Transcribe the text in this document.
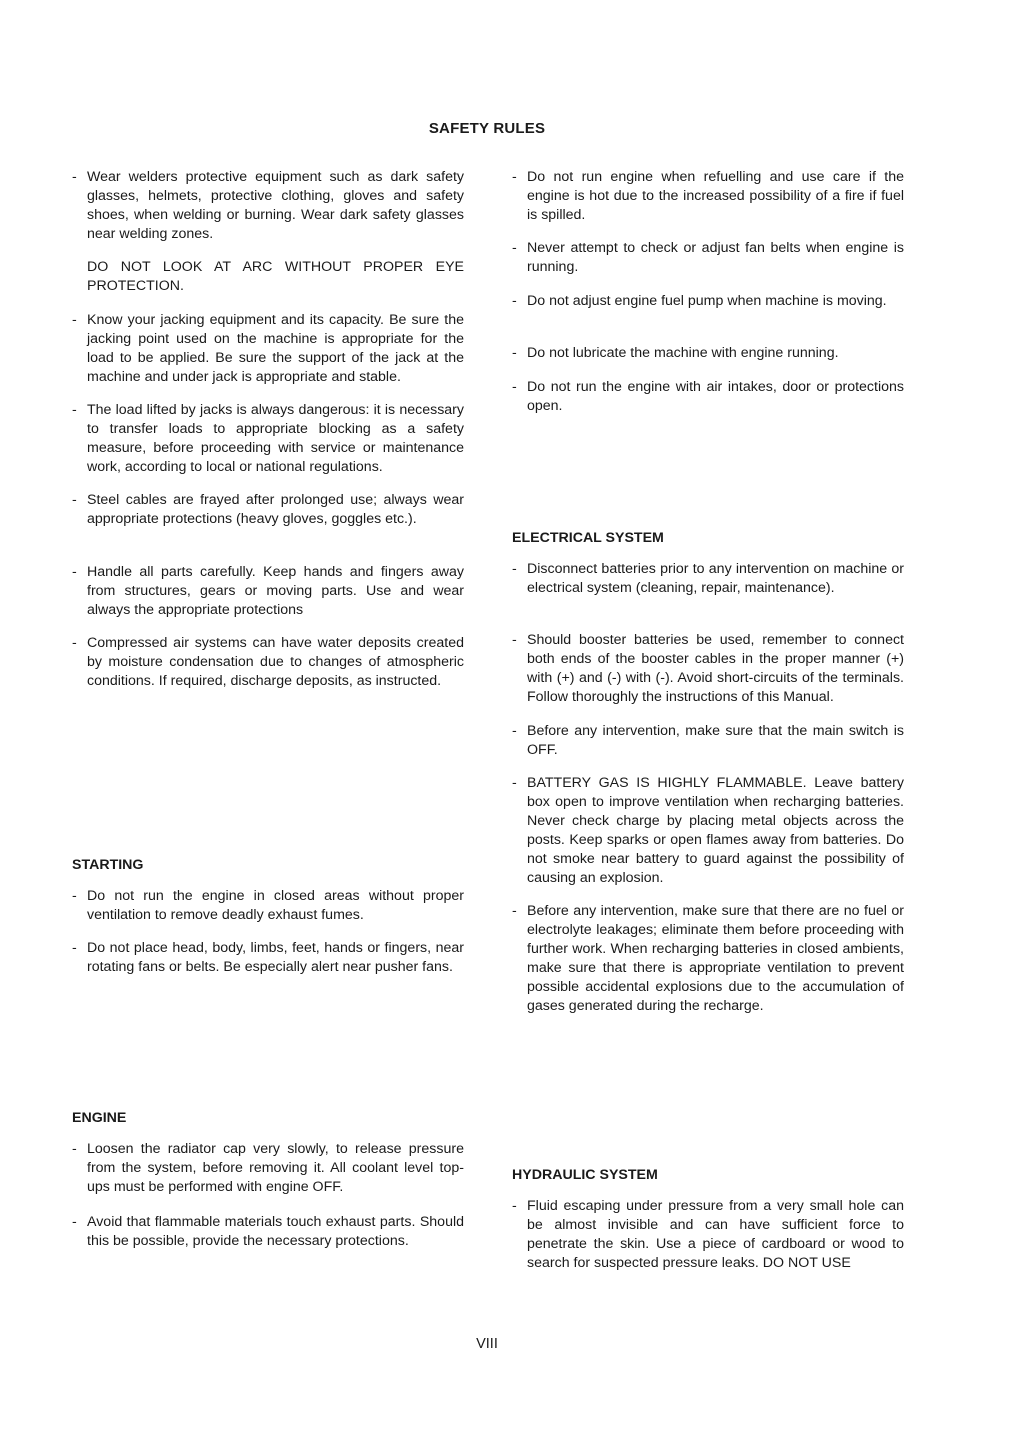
SAFETY RULES

- Wear welders protective equipment such as dark safety glasses, helmets, protective clothing, gloves and safety shoes, when welding or burning. Wear dark safety glasses near welding zones.

DO NOT LOOK AT ARC WITHOUT PROPER EYE PROTECTION.

- Know your jacking equipment and its capacity. Be sure the jacking point used on the machine is appropriate for the load to be applied. Be sure the support of the jack at the machine and under jack is appropriate and stable.

- The load lifted by jacks is always dangerous: it is necessary to transfer loads to appropriate blocking as a safety measure, before proceeding with service or maintenance work, according to local or national regulations.

- Steel cables are frayed after prolonged use; always wear appropriate protections (heavy gloves, goggles etc.).

- Handle all parts carefully. Keep hands and fingers away from structures, gears or moving parts. Use and wear always the appropriate protections

- Compressed air systems can have water deposits created by moisture condensation due to changes of atmospheric conditions. If required, discharge deposits, as instructed.

STARTING

- Do not run the engine in closed areas without proper ventilation to remove deadly exhaust fumes.

- Do not place head, body, limbs, feet, hands or fingers, near rotating fans or belts. Be especially alert near pusher fans.

ENGINE

- Loosen the radiator cap very slowly, to release pressure from the system, before removing it. All coolant level top-ups must be performed with engine OFF.

- Avoid that flammable materials touch exhaust parts. Should this be possible, provide the necessary protections.

- Do not run engine when refuelling and use care if the engine is hot due to the increased possibility of a fire if fuel is spilled.

- Never attempt to check or adjust fan belts when engine is running.

- Do not adjust engine fuel pump when machine is moving.

- Do not lubricate the machine with engine running.

- Do not run the engine with air intakes, door or protections open.

ELECTRICAL SYSTEM

- Disconnect batteries prior to any intervention on machine or electrical system (cleaning, repair, maintenance).

- Should booster batteries be used, remember to connect both ends of the booster cables in the proper manner (+) with (+) and (-) with (-). Avoid short-circuits of the terminals. Follow thoroughly the instructions of this Manual.

- Before any intervention, make sure that the main switch is OFF.

- BATTERY GAS IS HIGHLY FLAMMABLE. Leave battery box open to improve ventilation when recharging batteries. Never check charge by placing metal objects across the posts. Keep sparks or open flames away from batteries. Do not smoke near battery to guard against the possibility of causing an explosion.

- Before any intervention, make sure that there are no fuel or electrolyte leakages; eliminate them before proceeding with further work. When recharging batteries in closed ambients, make sure that there is appropriate ventilation to prevent possible accidental explosions due to the accumulation of gases generated during the recharge.

HYDRAULIC SYSTEM

- Fluid escaping under pressure from a very small hole can be almost invisible and can have sufficient force to penetrate the skin. Use a piece of cardboard or wood to search for suspected pressure leaks. DO NOT USE

VIII
